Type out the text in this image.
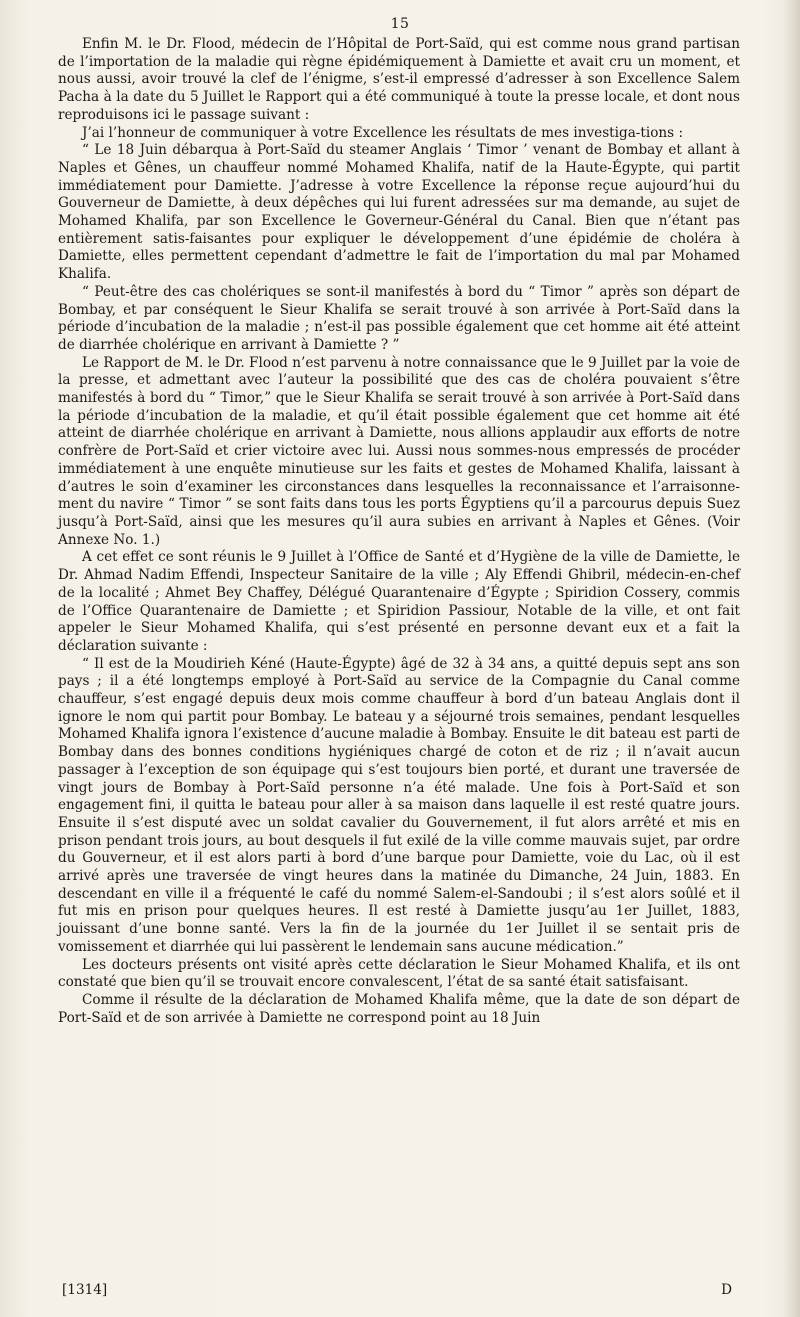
15

Enfin M. le Dr. Flood, médecin de l’Hôpital de Port-Saïd, qui est comme nous grand partisan de l’importation de la maladie qui règne épidémiquement à Damiette et avait cru un moment, et nous aussi, avoir trouvé la clef de l’énigme, s’est-il empressé d’adresser à son Excellence Salem Pacha à la date du 5 Juillet le Rapport qui a été communiqué à toute la presse locale, et dont nous reproduisons ici le passage suivant :

J’ai l’honneur de communiquer à votre Excellence les résultats de mes investiga-tions :

“ Le 18 Juin débarqua à Port-Saïd du steamer Anglais ‘ Timor ’ venant de Bombay et allant à Naples et Gênes, un chauffeur nommé Mohamed Khalifa, natif de la Haute-Égypte, qui partit immédiatement pour Damiette. J’adresse à votre Excellence la réponse reçue aujourd’hui du Gouverneur de Damiette, à deux dépêches qui lui furent adressées sur ma demande, au sujet de Mohamed Khalifa, par son Excellence le Governeur-Général du Canal. Bien que n’étant pas entièrement satis-faisantes pour expliquer le développement d’une épidémie de choléra à Damiette, elles permettent cependant d’admettre le fait de l’importation du mal par Mohamed Khalifa.

“ Peut-être des cas cholériques se sont-il manifestés à bord du “ Timor ” après son départ de Bombay, et par conséquent le Sieur Khalifa se serait trouvé à son arrivée à Port-Saïd dans la période d’incubation de la maladie ; n’est-il pas possible également que cet homme ait été atteint de diarrhée cholérique en arrivant à Damiette ? ”

Le Rapport de M. le Dr. Flood n’est parvenu à notre connaissance que le 9 Juillet par la voie de la presse, et admettant avec l’auteur la possibilité que des cas de choléra pouvaient s’être manifestés à bord du “ Timor,” que le Sieur Khalifa se serait trouvé à son arrivée à Port-Saïd dans la période d’incubation de la maladie, et qu’il était possible également que cet homme ait été atteint de diarrhée cholérique en arrivant à Damiette, nous allions applaudir aux efforts de notre confrère de Port-Saïd et crier victoire avec lui. Aussi nous sommes-nous empressés de procéder immédiatement à une enquête minutieuse sur les faits et gestes de Mohamed Khalifa, laissant à d’autres le soin d’examiner les circonstances dans lesquelles la reconnaissance et l’arraisonne-ment du navire “ Timor ” se sont faits dans tous les ports Égyptiens qu’il a parcourus depuis Suez jusqu’à Port-Saïd, ainsi que les mesures qu’il aura subies en arrivant à Naples et Gênes. (Voir Annexe No. 1.)

A cet effet ce sont réunis le 9 Juillet à l’Office de Santé et d’Hygiène de la ville de Damiette, le Dr. Ahmad Nadim Effendi, Inspecteur Sanitaire de la ville ; Aly Effendi Ghibril, médecin-en-chef de la localité ; Ahmet Bey Chaffey, Délégué Quarantenaire d’Égypte ; Spiridion Cossery, commis de l’Office Quarantenaire de Damiette ; et Spiridion Passiour, Notable de la ville, et ont fait appeler le Sieur Mohamed Khalifa, qui s’est présenté en personne devant eux et a fait la déclaration suivante :

“ Il est de la Moudirieh Kéné (Haute-Égypte) âgé de 32 à 34 ans, a quitté depuis sept ans son pays ; il a été longtemps employé à Port-Saïd au service de la Compagnie du Canal comme chauffeur, s’est engagé depuis deux mois comme chauffeur à bord d’un bateau Anglais dont il ignore le nom qui partit pour Bombay. Le bateau y a séjourné trois semaines, pendant lesquelles Mohamed Khalifa ignora l’existence d’aucune maladie à Bombay. Ensuite le dit bateau est parti de Bombay dans des bonnes conditions hygiéniques chargé de coton et de riz ; il n’avait aucun passager à l’exception de son équipage qui s’est toujours bien porté, et durant une traversée de vingt jours de Bombay à Port-Saïd personne n’a été malade. Une fois à Port-Saïd et son engagement fini, il quitta le bateau pour aller à sa maison dans laquelle il est resté quatre jours. Ensuite il s’est disputé avec un soldat cavalier du Gouvernement, il fut alors arrêté et mis en prison pendant trois jours, au bout desquels il fut exilé de la ville comme mauvais sujet, par ordre du Gouverneur, et il est alors parti à bord d’une barque pour Damiette, voie du Lac, où il est arrivé après une traversée de vingt heures dans la matinée du Dimanche, 24 Juin, 1883. En descendant en ville il a fréquenté le café du nommé Salem-el-Sandoubi ; il s’est alors soûlé et il fut mis en prison pour quelques heures. Il est resté à Damiette jusqu’au 1er Juillet, 1883, jouissant d’une bonne santé. Vers la fin de la journée du 1er Juillet il se sentait pris de vomissement et diarrhée qui lui passèrent le lendemain sans aucune médication.”

Les docteurs présents ont visité après cette déclaration le Sieur Mohamed Khalifa, et ils ont constaté que bien qu’il se trouvait encore convalescent, l’état de sa santé était satisfaisant.

Comme il résulte de la déclaration de Mohamed Khalifa même, que la date de son départ de Port-Saïd et de son arrivée à Damiette ne correspond point au 18 Juin

[1314]	D
